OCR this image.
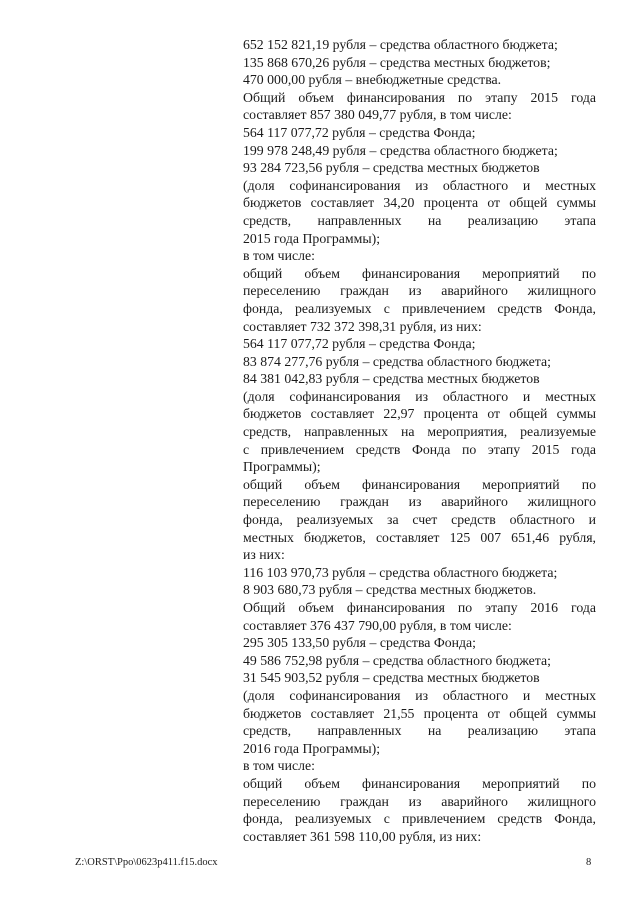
652 152 821,19 рубля – средства областного бюджета;
135 868 670,26 рубля – средства местных бюджетов;
470 000,00 рубля – внебюджетные средства.
Общий объем финансирования по этапу 2015 года
составляет 857 380 049,77 рубля, в том числе:
564 117 077,72 рубля – средства Фонда;
199 978 248,49 рубля – средства областного бюджета;
93 284 723,56 рубля – средства местных бюджетов
(доля софинансирования из областного и местных
бюджетов составляет 34,20 процента от общей суммы
средств, направленных на реализацию этапа
2015 года Программы);
в том числе:
общий объем финансирования мероприятий по
переселению граждан из аварийного жилищного
фонда, реализуемых с привлечением средств Фонда,
составляет 732 372 398,31 рубля, из них:
564 117 077,72 рубля – средства Фонда;
83 874 277,76 рубля – средства областного бюджета;
84 381 042,83 рубля – средства местных бюджетов
(доля софинансирования из областного и местных
бюджетов составляет 22,97 процента от общей суммы
средств, направленных на мероприятия, реализуемые
с привлечением средств Фонда по этапу 2015 года
Программы);
общий объем финансирования мероприятий по
переселению граждан из аварийного жилищного
фонда, реализуемых за счет средств областного и
местных бюджетов, составляет 125 007 651,46 рубля,
из них:
116 103 970,73 рубля – средства областного бюджета;
8 903 680,73 рубля – средства местных бюджетов.
Общий объем финансирования по этапу 2016 года
составляет 376 437 790,00 рубля, в том числе:
295 305 133,50 рубля – средства Фонда;
49 586 752,98 рубля – средства областного бюджета;
31 545 903,52 рубля – средства местных бюджетов
(доля софинансирования из областного и местных
бюджетов составляет 21,55 процента от общей суммы
средств, направленных на реализацию этапа
2016 года Программы);
в том числе:
общий объем финансирования мероприятий по
переселению граждан из аварийного жилищного
фонда, реализуемых с привлечением средств Фонда,
составляет 361 598 110,00 рубля, из них:
Z:\ORST\Ppo\0623p411.f15.docx	8
